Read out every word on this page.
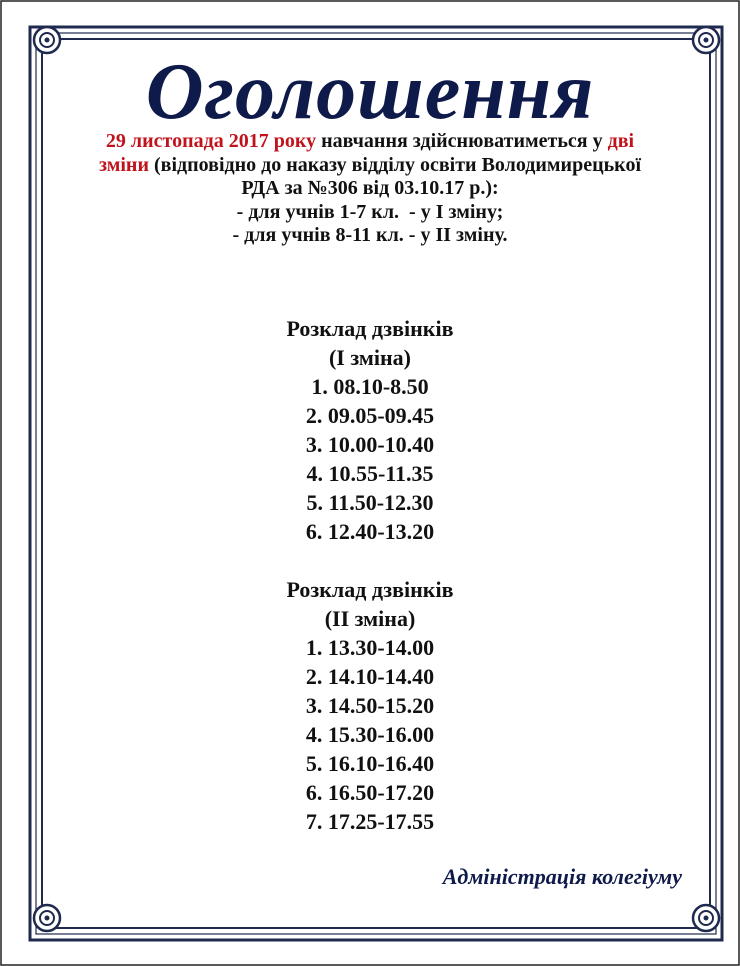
Оголошення
29 листопада 2017 року навчання здійснюватиметься у дві зміни (відповідно до наказу відділу освіти Володимирецької РДА за №306 від 03.10.17 р.):
- для учнів 1-7 кл.  - у І зміну;
- для учнів 8-11 кл. - у ІІ зміну.
Розклад дзвінків
(І зміна)
1. 08.10-8.50
2. 09.05-09.45
3. 10.00-10.40
4. 10.55-11.35
5. 11.50-12.30
6. 12.40-13.20
Розклад дзвінків
(ІІ зміна)
1. 13.30-14.00
2. 14.10-14.40
3. 14.50-15.20
4. 15.30-16.00
5. 16.10-16.40
6. 16.50-17.20
7. 17.25-17.55
Адміністрація колегіуму
